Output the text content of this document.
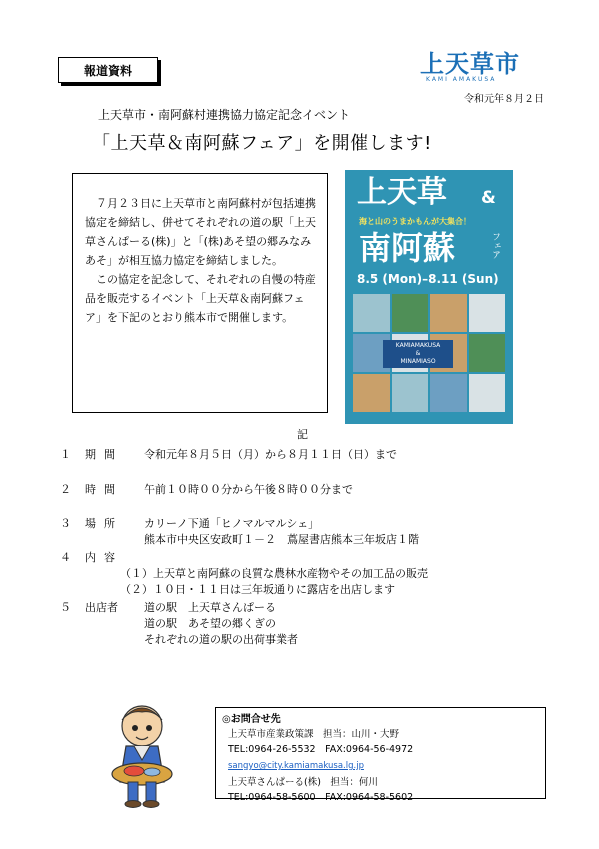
報道資料	上天草市
KAMI AMAKUSA
令和元年８月２日
上天草市・南阿蘇村連携協力協定記念イベント
「上天草＆南阿蘇フェア」を開催します!

７月２３日に上天草市と南阿蘇村が包括連携協定を締結し、併せてそれぞれの道の駅「上天草さんぱーる(株)」と「(株)あそ望の郷みなみあそ」が相互協力協定を締結しました。

この協定を記念して、それぞれの自慢の特産品を販売するイベント「上天草＆南阿蘇フェア」を下記のとおり熊本市で開催します。

上天草 &
海と山のうまかもんが大集合！
南阿蘇	フェア
8.5 (Mon)–8.11 (Sun)
KAMIAMAKUSA
&
MINAMIASO
記
１ 期間 令和元年８月５日（月）から８月１１日（日）まで
２ 時間 午前１０時００分から午後８時００分まで
３ 場所 カリーノ下通「ヒノマルマルシェ」
熊本市中央区安政町１－２　蔦屋書店熊本三年坂店１階
４ 内容
（１）上天草と南阿蘇の良質な農林水産物やその加工品の販売
（２）１０日・１１日は三年坂通りに露店を出店します
５ 出店者 道の駅　上天草さんぱーる
道の駅　あそ望の郷くぎの
それぞれの道の駅の出荷事業者
◎お問合せ先
上天草市産業政策課　担当：山川・大野
TEL:0964-26-5532　FAX:0964-56-4972
sangyo@city.kamiamakusa.lg.jp
上天草さんぱーる(株)　担当：何川
TEL:0964-58-5600　FAX:0964-58-5602
